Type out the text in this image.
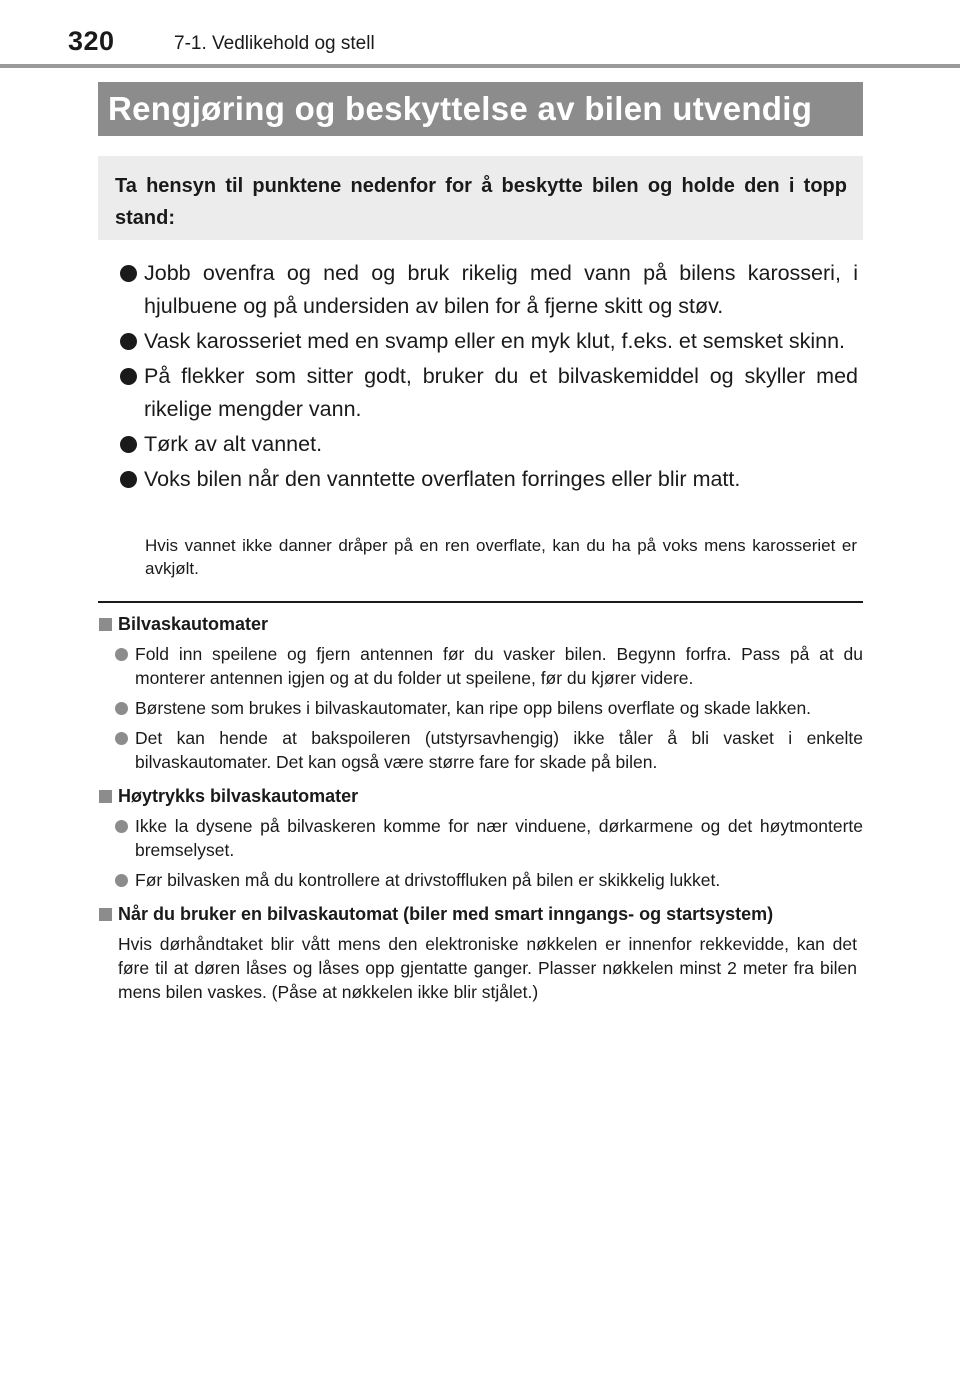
320	7-1. Vedlikehold og stell
Rengjøring og beskyttelse av bilen utvendig
Ta hensyn til punktene nedenfor for å beskytte bilen og holde den i topp stand:
Jobb ovenfra og ned og bruk rikelig med vann på bilens karosseri, i hjulbuene og på undersiden av bilen for å fjerne skitt og støv.
Vask karosseriet med en svamp eller en myk klut, f.eks. et semsket skinn.
På flekker som sitter godt, bruker du et bilvaskemiddel og skyller med rikelige mengder vann.
Tørk av alt vannet.
Voks bilen når den vanntette overflaten forringes eller blir matt.
Hvis vannet ikke danner dråper på en ren overflate, kan du ha på voks mens karosseriet er avkjølt.
Bilvaskautomater
Fold inn speilene og fjern antennen før du vasker bilen. Begynn forfra. Pass på at du monterer antennen igjen og at du folder ut speilene, før du kjører videre.
Børstene som brukes i bilvaskautomater, kan ripe opp bilens overflate og skade lakken.
Det kan hende at bakspoileren (utstyrsavhengig) ikke tåler å bli vasket i enkelte bilvaskautomater. Det kan også være større fare for skade på bilen.
Høytrykks bilvaskautomater
Ikke la dysene på bilvaskeren komme for nær vinduene, dørkarmene og det høytmonterte bremselyset.
Før bilvasken må du kontrollere at drivstoffluken på bilen er skikkelig lukket.
Når du bruker en bilvaskautomat (biler med smart inngangs- og startsystem)
Hvis dørhåndtaket blir vått mens den elektroniske nøkkelen er innenfor rekkevidde, kan det føre til at døren låses og låses opp gjentatte ganger. Plasser nøkkelen minst 2 meter fra bilen mens bilen vaskes. (Påse at nøkkelen ikke blir stjålet.)
